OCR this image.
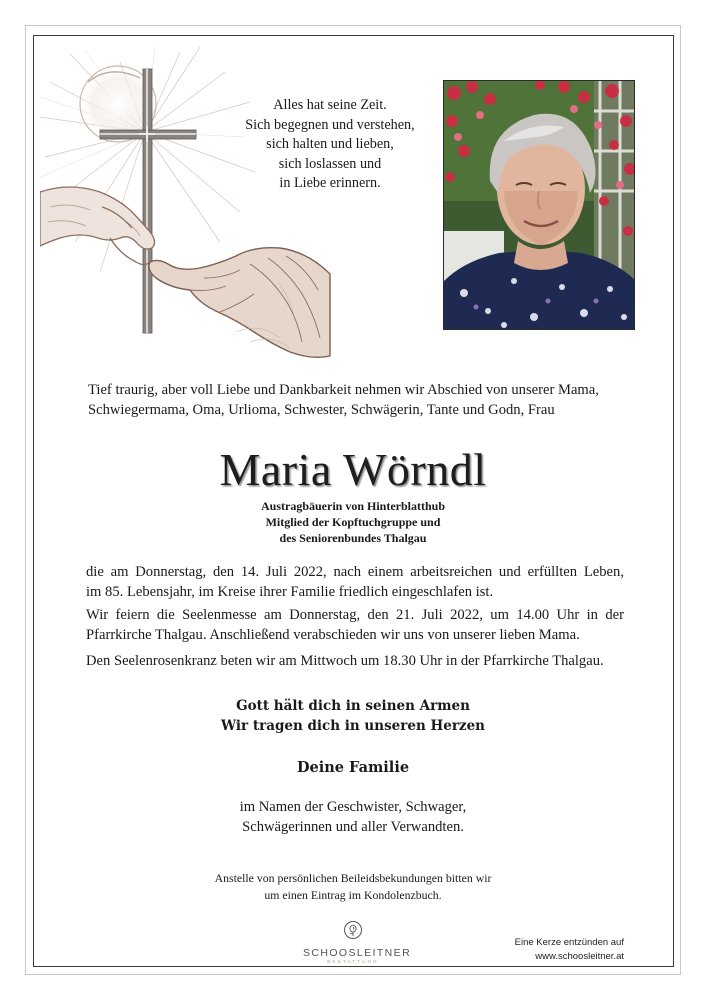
Alles hat seine Zeit.
Sich begegnen und verstehen,
sich halten und lieben,
sich loslassen und
in Liebe erinnern.
Tief traurig, aber voll Liebe und Dankbarkeit nehmen wir Abschied von unserer Mama,
Schwiegermama, Oma, Urlioma, Schwester, Schwägerin, Tante und Godn, Frau
Maria Wörndl
Austragbäuerin von Hinterblatthub
Mitglied der Kopftuchgruppe und
des Seniorenbundes Thalgau
die am Donnerstag, den 14. Juli 2022, nach einem arbeitsreichen und erfüllten Leben,
im 85. Lebensjahr, im Kreise ihrer Familie friedlich eingeschlafen ist.
Wir feiern die Seelenmesse am Donnerstag, den 21. Juli 2022, um 14.00 Uhr in der
Pfarrkirche Thalgau. Anschließend verabschieden wir uns von unserer lieben Mama.
Den Seelenrosenkranz beten wir am Mittwoch um 18.30 Uhr in der Pfarrkirche Thalgau.
Gott hält dich in seinen Armen
Wir tragen dich in unseren Herzen
Deine Familie
im Namen der Geschwister, Schwager,
Schwägerinnen und aller Verwandten.
Anstelle von persönlichen Beileidsbekundungen bitten wir
um einen Eintrag im Kondolenzbuch.
SCHOOSLEITNER
BESTATTUNG
Eine Kerze entzünden auf
www.schoosleitner.at
